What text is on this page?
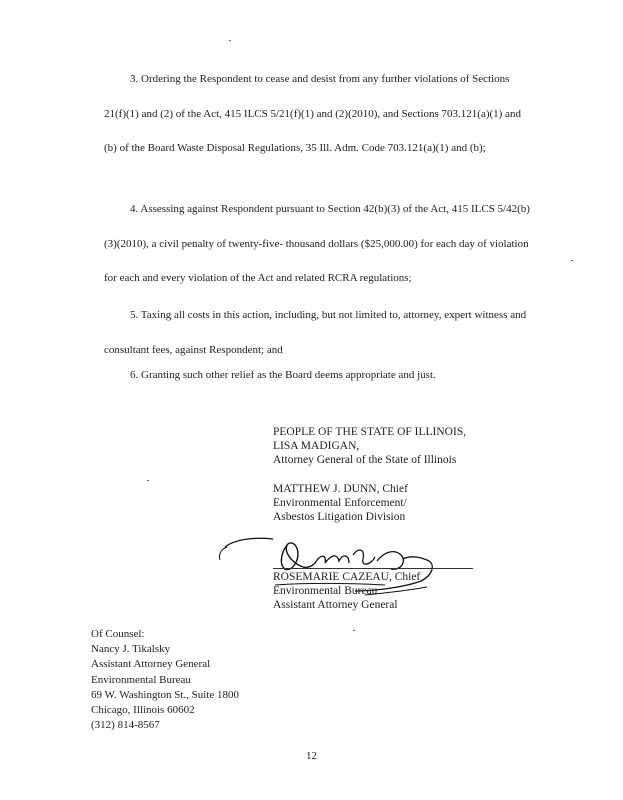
3. Ordering the Respondent to cease and desist from any further violations of Sections 21(f)(1) and (2) of the Act, 415 ILCS 5/21(f)(1) and (2)(2010), and Sections 703.121(a)(1) and (b) of the Board Waste Disposal Regulations, 35 Ill. Adm. Code 703.121(a)(1) and (b);

4. Assessing against Respondent pursuant to Section 42(b)(3) of the Act, 415 ILCS 5/42(b)(3)(2010), a civil penalty of twenty-five- thousand dollars ($25,000.00) for each day of violation for each and every violation of the Act and related RCRA regulations;

5. Taxing all costs in this action, including, but not limited to, attorney, expert witness and consultant fees, against Respondent; and

6. Granting such other relief as the Board deems appropriate and just.

PEOPLE OF THE STATE OF ILLINOIS,
LISA MADIGAN,
Attorney General of the State of Illinois
MATTHEW J. DUNN, Chief
Environmental Enforcement/
Asbestos Litigation Division
ROSEMARIE CAZEAU, Chief
Environmental Bureau
Assistant Attorney General
Of Counsel:
Nancy J. Tikalsky
Assistant Attorney General
Environmental Bureau
69 W. Washington St., Suite 1800
Chicago, Illinois 60602
(312) 814-8567
12
